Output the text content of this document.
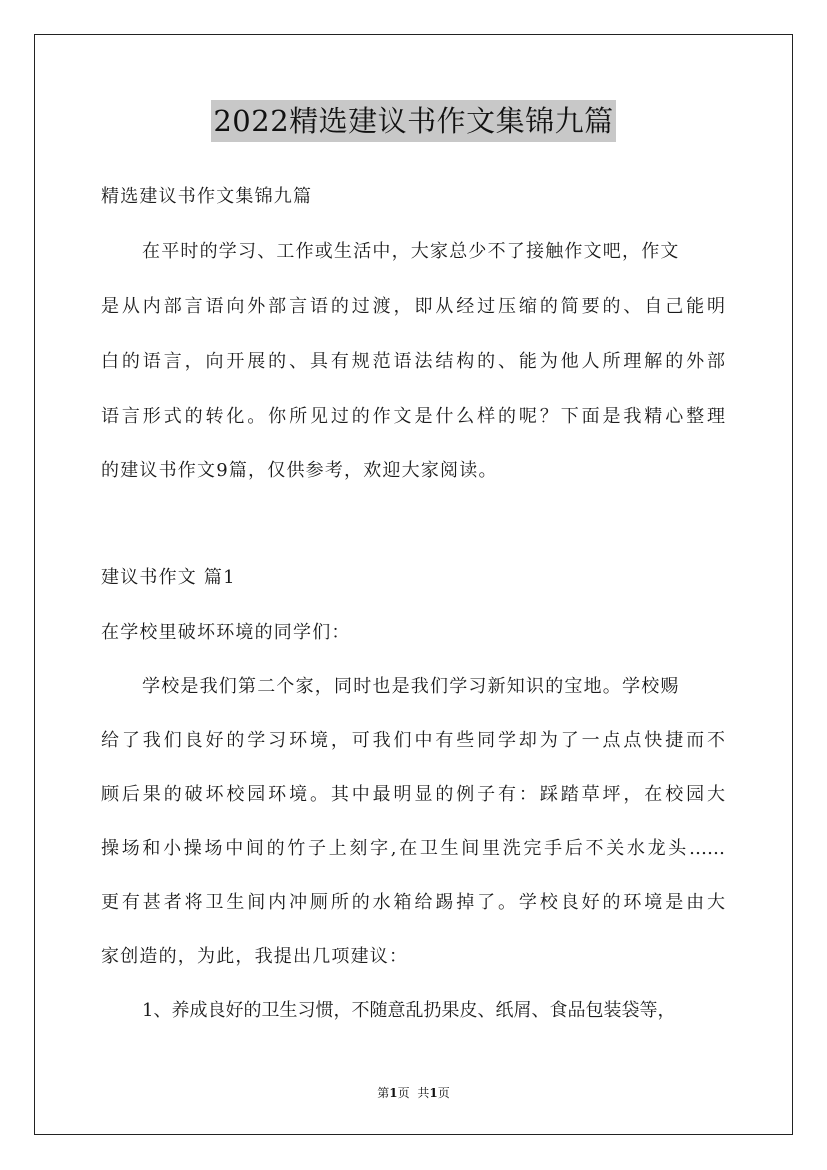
2022精选建议书作文集锦九篇
精选建议书作文集锦九篇
在平时的学习、工作或生活中，大家总少不了接触作文吧，作文
是从内部言语向外部言语的过渡，即从经过压缩的简要的、自己能明
白的语言，向开展的、具有规范语法结构的、能为他人所理解的外部
语言形式的转化。你所见过的作文是什么样的呢？下面是我精心整理
的建议书作文9篇，仅供参考，欢迎大家阅读。
建议书作文 篇1
在学校里破坏环境的同学们：
学校是我们第二个家，同时也是我们学习新知识的宝地。学校赐
给了我们良好的学习环境，可我们中有些同学却为了一点点快捷而不
顾后果的破坏校园环境。其中最明显的例子有：踩踏草坪，在校园大
操场和小操场中间的竹子上刻字,在卫生间里洗完手后不关水龙头……
更有甚者将卫生间内冲厕所的水箱给踢掉了。学校良好的环境是由大
家创造的，为此，我提出几项建议：
1、养成良好的卫生习惯，不随意乱扔果皮、纸屑、食品包装袋等，
第1页 共1页
